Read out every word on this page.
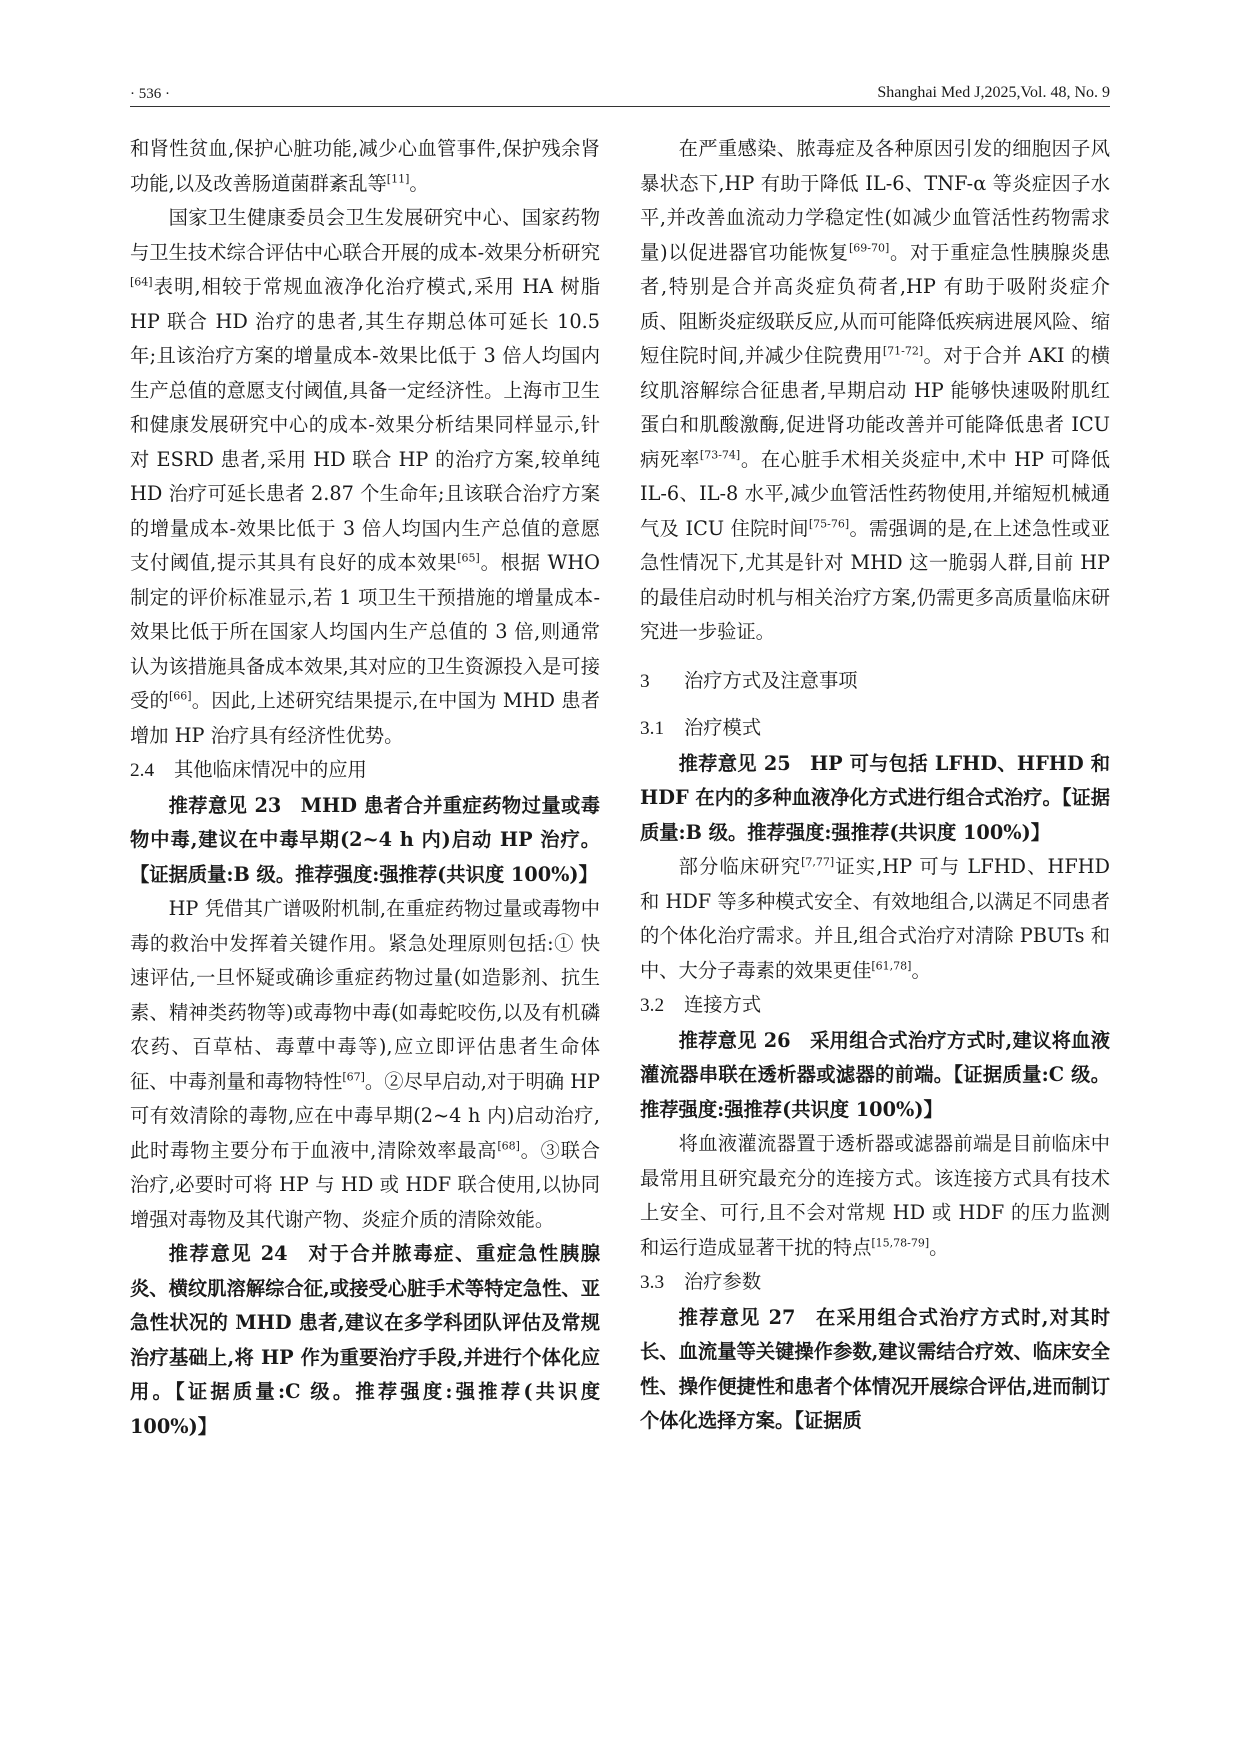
· 536 ·	Shanghai Med J,2025,Vol. 48, No. 9

和肾性贫血,保护心脏功能,减少心血管事件,保护残余肾功能,以及改善肠道菌群紊乱等[11]。

国家卫生健康委员会卫生发展研究中心、国家药物与卫生技术综合评估中心联合开展的成本-效果分析研究[64]表明,相较于常规血液净化治疗模式,采用 HA 树脂 HP 联合 HD 治疗的患者,其生存期总体可延长 10.5 年;且该治疗方案的增量成本-效果比低于 3 倍人均国内生产总值的意愿支付阈值,具备一定经济性。上海市卫生和健康发展研究中心的成本-效果分析结果同样显示,针对 ESRD 患者,采用 HD 联合 HP 的治疗方案,较单纯 HD 治疗可延长患者 2.87 个生命年;且该联合治疗方案的增量成本-效果比低于 3 倍人均国内生产总值的意愿支付阈值,提示其具有良好的成本效果[65]。根据 WHO 制定的评价标准显示,若 1 项卫生干预措施的增量成本-效果比低于所在国家人均国内生产总值的 3 倍,则通常认为该措施具备成本效果,其对应的卫生资源投入是可接受的[66]。因此,上述研究结果提示,在中国为 MHD 患者增加 HP 治疗具有经济性优势。

2.4 其他临床情况中的应用

推荐意见 23  MHD 患者合并重症药物过量或毒物中毒,建议在中毒早期(2~4 h 内)启动 HP 治疗。【证据质量:B 级。推荐强度:强推荐(共识度 100%)】

HP 凭借其广谱吸附机制,在重症药物过量或毒物中毒的救治中发挥着关键作用。紧急处理原则包括:① 快速评估,一旦怀疑或确诊重症药物过量(如造影剂、抗生素、精神类药物等)或毒物中毒(如毒蛇咬伤,以及有机磷农药、百草枯、毒蕈中毒等),应立即评估患者生命体征、中毒剂量和毒物特性[67]。②尽早启动,对于明确 HP 可有效清除的毒物,应在中毒早期(2~4 h 内)启动治疗,此时毒物主要分布于血液中,清除效率最高[68]。③联合治疗,必要时可将 HP 与 HD 或 HDF 联合使用,以协同增强对毒物及其代谢产物、炎症介质的清除效能。

推荐意见 24  对于合并脓毒症、重症急性胰腺炎、横纹肌溶解综合征,或接受心脏手术等特定急性、亚急性状况的 MHD 患者,建议在多学科团队评估及常规治疗基础上,将 HP 作为重要治疗手段,并进行个体化应用。【证据质量:C 级。推荐强度:强推荐(共识度 100%)】

在严重感染、脓毒症及各种原因引发的细胞因子风暴状态下,HP 有助于降低 IL-6、TNF-α 等炎症因子水平,并改善血流动力学稳定性(如减少血管活性药物需求量)以促进器官功能恢复[69-70]。对于重症急性胰腺炎患者,特别是合并高炎症负荷者,HP 有助于吸附炎症介质、阻断炎症级联反应,从而可能降低疾病进展风险、缩短住院时间,并减少住院费用[71-72]。对于合并 AKI 的横纹肌溶解综合征患者,早期启动 HP 能够快速吸附肌红蛋白和肌酸激酶,促进肾功能改善并可能降低患者 ICU 病死率[73-74]。在心脏手术相关炎症中,术中 HP 可降低 IL-6、IL-8 水平,减少血管活性药物使用,并缩短机械通气及 ICU 住院时间[75-76]。需强调的是,在上述急性或亚急性情况下,尤其是针对 MHD 这一脆弱人群,目前 HP 的最佳启动时机与相关治疗方案,仍需更多高质量临床研究进一步验证。

3 治疗方式及注意事项
3.1 治疗模式

推荐意见 25  HP 可与包括 LFHD、HFHD 和 HDF 在内的多种血液净化方式进行组合式治疗。【证据质量:B 级。推荐强度:强推荐(共识度 100%)】

部分临床研究[7,77]证实,HP 可与 LFHD、HFHD 和 HDF 等多种模式安全、有效地组合,以满足不同患者的个体化治疗需求。并且,组合式治疗对清除 PBUTs 和中、大分子毒素的效果更佳[61,78]。

3.2 连接方式

推荐意见 26  采用组合式治疗方式时,建议将血液灌流器串联在透析器或滤器的前端。【证据质量:C 级。推荐强度:强推荐(共识度 100%)】

将血液灌流器置于透析器或滤器前端是目前临床中最常用且研究最充分的连接方式。该连接方式具有技术上安全、可行,且不会对常规 HD 或 HDF 的压力监测和运行造成显著干扰的特点[15,78-79]。

3.3 治疗参数

推荐意见 27  在采用组合式治疗方式时,对其时长、血流量等关键操作参数,建议需结合疗效、临床安全性、操作便捷性和患者个体情况开展综合评估,进而制订个体化选择方案。【证据质
